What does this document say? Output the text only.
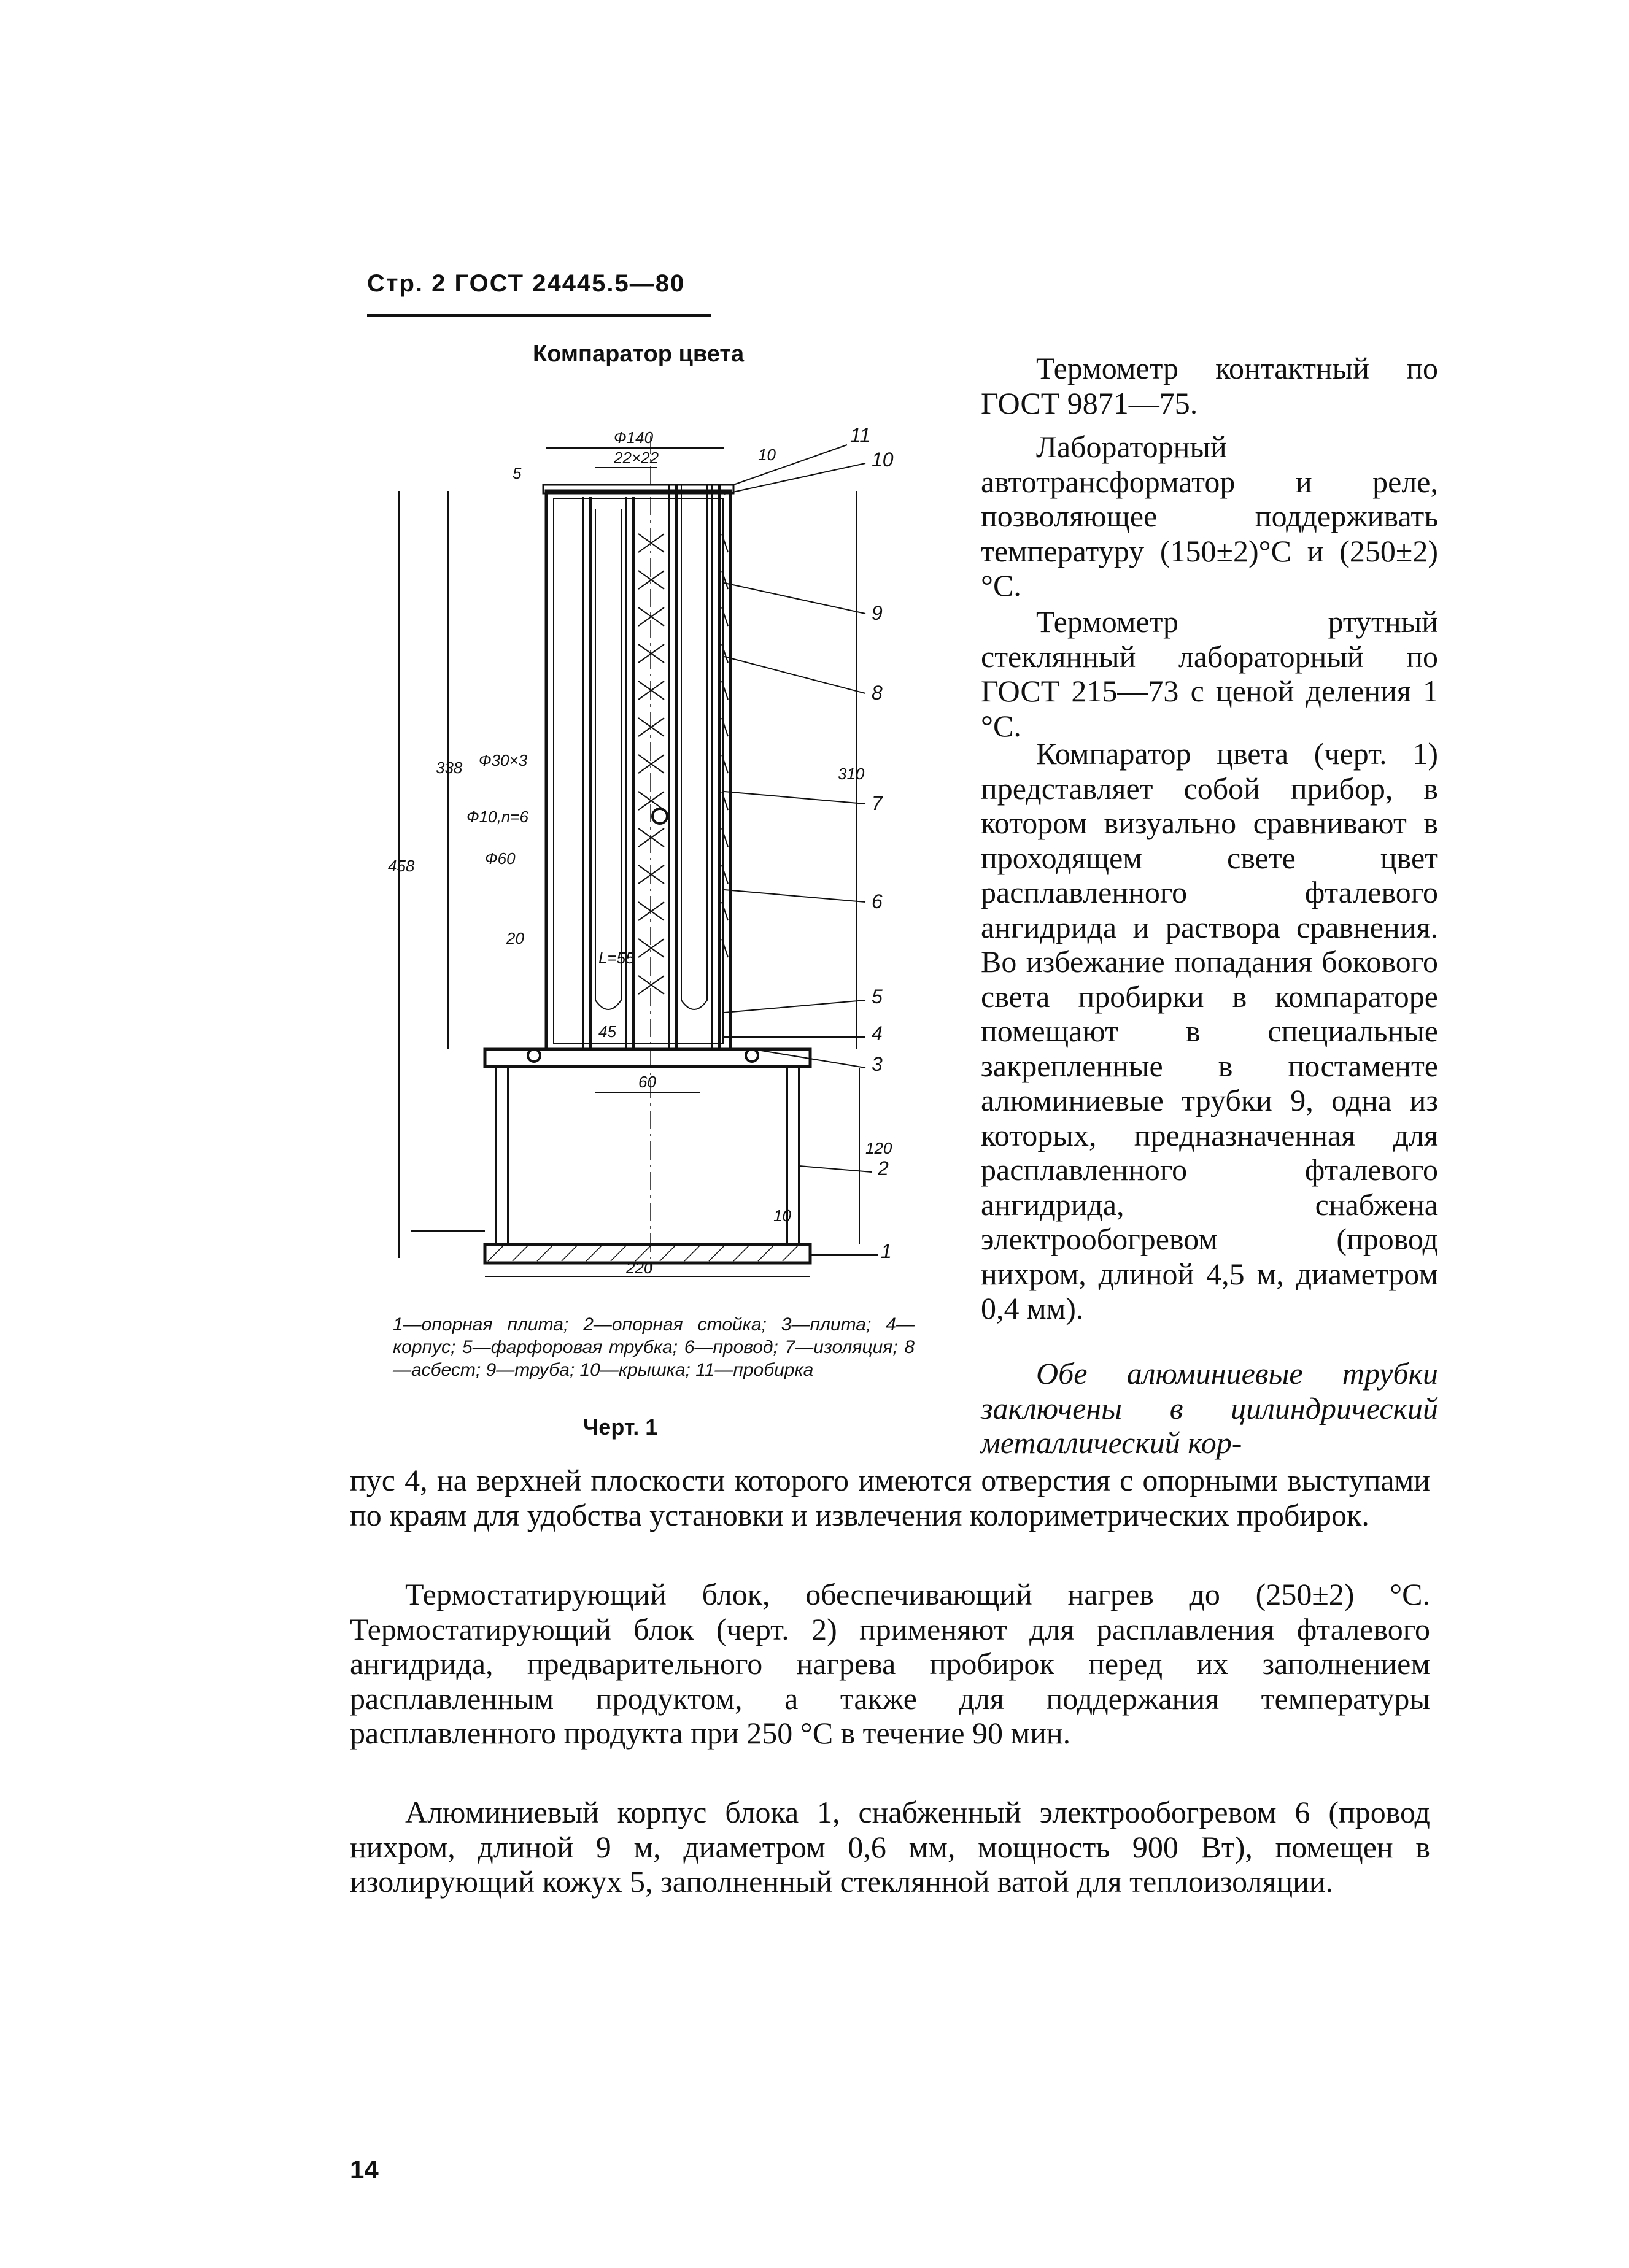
Стр. 2 ГОСТ 24445.5—80
Компаратор цвета
Ф140
22×22
5
10
338
458
Ф30×3
Ф10,n=6
Ф60
20
45
L=55
60
310
120
10
220
11
10
9
8
7
6
5
4
3
2
1
1—опорная плита; 2—опорная стойка; 3—плита; 4—корпус; 5—фарфоровая трубка; 6—провод; 7—изоляция; 8—асбест; 9—труба; 10—крышка; 11—пробирка
Черт. 1
Термометр контактный по ГОСТ 9871—75.
Лабораторный автотрансформатор и реле, позволяющее поддерживать температуру (150±2)°С и (250±2)°С.
Термометр ртутный стеклянный лабораторный по ГОСТ 215—73 с ценой деления 1 °С.
Компаратор цвета (черт. 1) представляет собой прибор, в котором визуально сравнивают в проходящем свете цвет расплавленного фталевого ангидрида и раствора сравнения. Во избежание попадания бокового света пробирки в компараторе помещают в специальные закрепленные в постаменте алюминиевые трубки 9, одна из которых, предназначенная для расплавленного фталевого ангидрида, снабжена электрообогревом (провод нихром, длиной 4,5 м, диаметром 0,4 мм).
Обе алюминиевые трубки заключены в цилиндрический металлический кор-
пус 4, на верхней плоскости которого имеются отверстия с опорными выступами по краям для удобства установки и извлечения колориметрических пробирок.
Термостатирующий блок, обеспечивающий нагрев до (250±2) °С. Термостатирующий блок (черт. 2) применяют для расплавления фталевого ангидрида, предварительного нагрева пробирок перед их заполнением расплавленным продуктом, а также для поддержания температуры расплавленного продукта при 250 °С в течение 90 мин.
Алюминиевый корпус блока 1, снабженный электрообогревом 6 (провод нихром, длиной 9 м, диаметром 0,6 мм, мощность 900 Вт), помещен в изолирующий кожух 5, заполненный стеклянной ватой для теплоизоляции.
14
